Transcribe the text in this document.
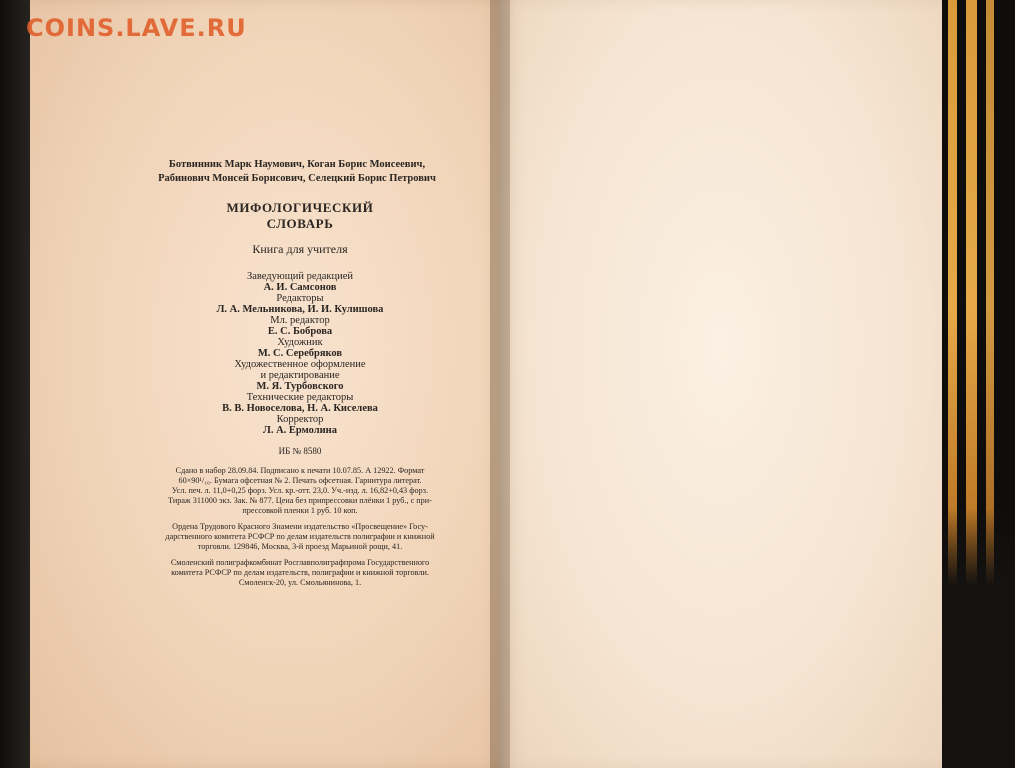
COINS.LAVE.RU
Ботвинник Марк Наумович, Коган Борис Моисеевич,
Рабинович Монсей Борисович, Селецкий Борис Петрович
МИФОЛОГИЧЕСКИЙ
СЛОВАРЬ
Книга для учителя
Заведующий редакцией
А. И. Самсонов
Редакторы
Л. А. Мельникова, И. И. Кулишова
Мл. редактор
Е. С. Боброва
Художник
М. С. Серебряков
Художественное оформление
и редактирование
М. Я. Турбовского
Технические редакторы
В. В. Новоселова, Н. А. Киселева
Корректор
Л. А. Ермолина
ИБ № 8580
Сдано в набор 28.09.84. Подписано к печати 10.07.85. А 12922. Формат
60×90¹/₁₆. Бумага офсетная № 2. Печать офсетная. Гарнитура литерат.
Усл. печ. л. 11,0+0,25 форз. Усл. кр.-отт. 23,0. Уч.-изд. л. 16,82+0,43 форз.
Тираж 311000 экз. Зак. № 877. Цена без припрессовки плёнки 1 руб., с при-
прессовкой пленки 1 руб. 10 коп.
Ордена Трудового Красного Знамени издательство «Просвещение» Госу-
дарственного комитета РСФСР по делам издательств полиграфии и книжной
торговли. 129846, Москва, 3-й проезд Марьиной рощи, 41.
Смоленский полиграфкомбинат Росглавполиграфпрома Государственного
комитета РСФСР по делам издательств, полиграфии и книжной торговли.
Смоленск-20, ул. Смольянинова, 1.
